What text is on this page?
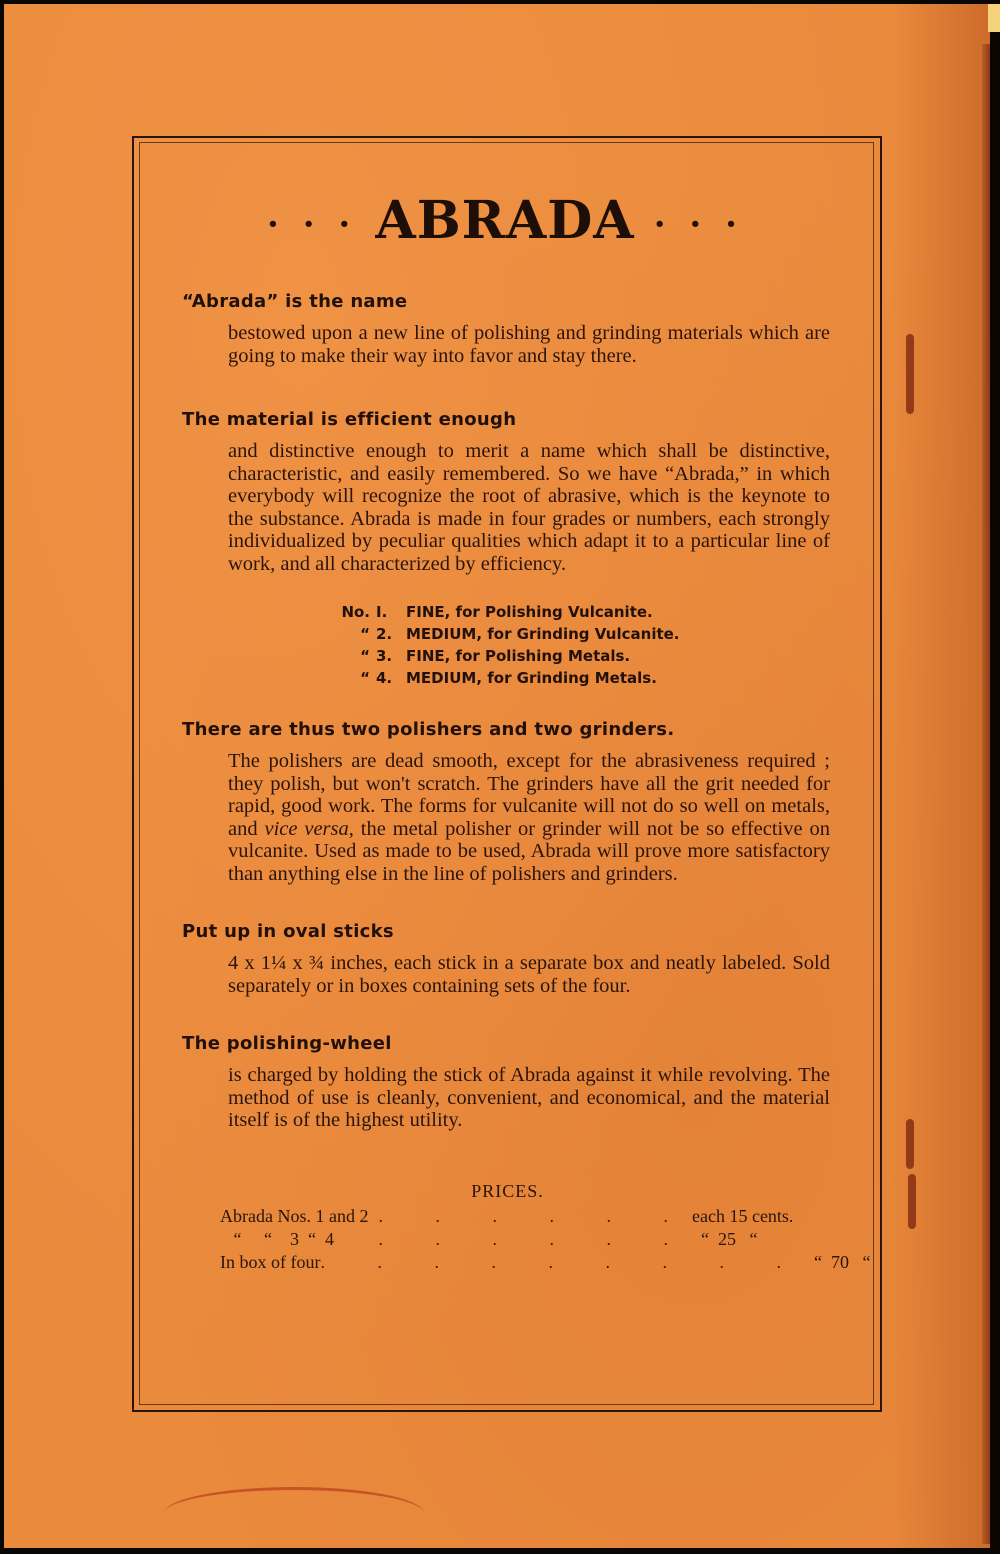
· · · ABRADA · · ·
“Abrada” is the name

bestowed upon a new line of polishing and grinding materials which are going to make their way into favor and stay there.

The material is efficient enough

and distinctive enough to merit a name which shall be distinctive, characteristic, and easily remembered. So we have “Abrada,” in which everybody will recognize the root of abrasive, which is the keynote to the substance. Abrada is made in four grades or numbers, each strongly individualized by peculiar qualities which adapt it to a particular line of work, and all characterized by efficiency.

No. I.	FINE, for Polishing Vulcanite.
“ 2. MEDIUM, for Grinding Vulcanite.
“ 3. FINE, for Polishing Metals.
“ 4. MEDIUM, for Grinding Metals.
There are thus two polishers and two grinders.

The polishers are dead smooth, except for the abrasiveness required ; they polish, but won't scratch. The grinders have all the grit needed for rapid, good work. The forms for vulcanite will not do so well on metals, and vice versa, the metal polisher or grinder will not be so effective on vulcanite. Used as made to be used, Abrada will prove more satisfactory than anything else in the line of polishers and grinders.

Put up in oval sticks

4 x 1¼ x ¾ inches, each stick in a separate box and neatly labeled. Sold separately or in boxes containing sets of the four.

The polishing-wheel

is charged by holding the stick of Abrada against it while revolving. The method of use is cleanly, convenient, and economical, and the material itself is of the highest utility.

PRICES.
Abrada Nos. 1 and 2 . . . . . . each 15 cents.
“     “    3  “  4	. . . . . . “  25   “
In box of four . . . . . . . . . “  70   “
